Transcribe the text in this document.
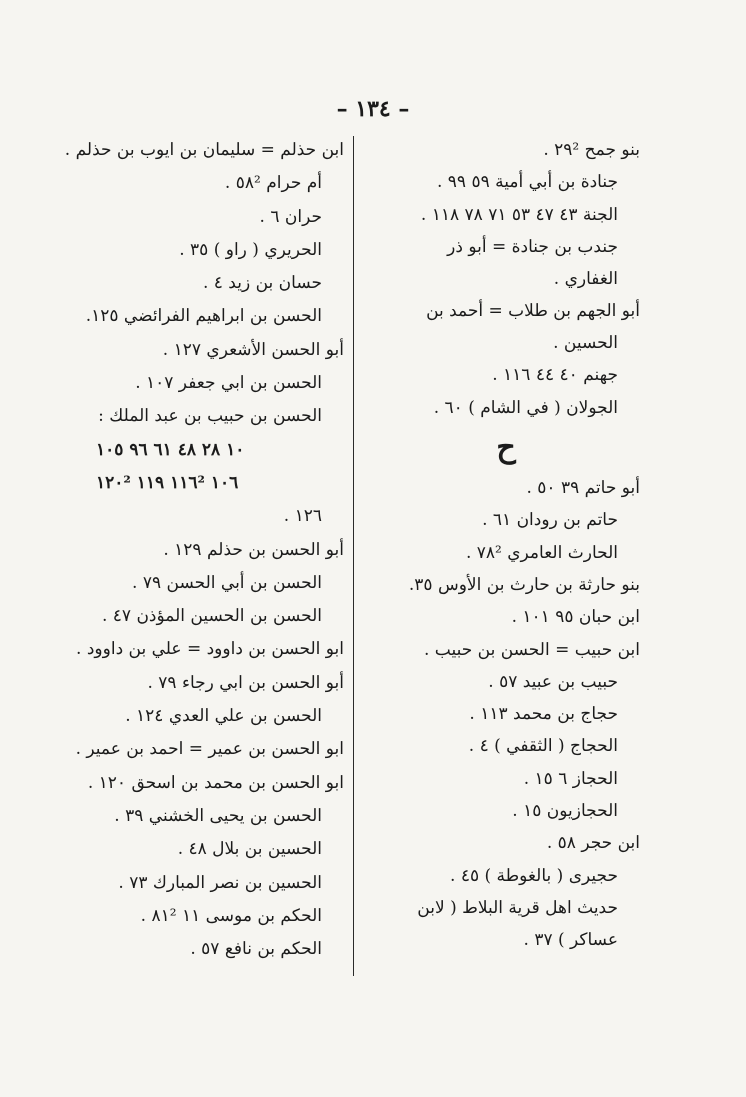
– ١٣٤ –
بنو جمح ٢٩² .
جنادة بن أبي أمية ٥٩ ٩٩ .
الجنة ٤٣ ٤٧ ٥٣ ٧١ ٧٨ ١١٨ .
جندب بن جنادة = أبو ذر
الغفاري .
أبو الجهم بن طلاب = أحمد بن
الحسين .
جهنم ٤٠ ٤٤ ١١٦ .
الجولان ( في الشام ) ٦٠ .
ح
أبو حاتم ٣٩ ٥٠ .
حاتم بن رودان ٦١ .
الحارث العامري ٧٨² .
بنو حارثة بن حارث بن الأوس ٣٥.
ابن حبان ٩٥ ١٠١ .
ابن حبيب = الحسن بن حبيب .
حبيب بن عبيد ٥٧ .
حجاج بن محمد ١١٣ .
الحجاج ( الثقفي ) ٤ .
الحجاز ٦ ١٥ .
الحجازيون ١٥ .
ابن حجر ٥٨ .
حجيرى ( بالغوطة ) ٤٥ .
حديث اهل قرية البلاط ( لابن
عساكر ) ٣٧ .
ابن حذلم = سليمان بن ايوب بن حذلم .
أم حرام ٥٨² .
حران ٦ .
الحريري ( راو ) ٣٥ .
حسان بن زيد ٤ .
الحسن بن ابراهيم الفرائضي ١٢٥.
أبو الحسن الأشعري ١٢٧ .
الحسن بن ابي جعفر ١٠٧ .
الحسن بن حبيب بن عبد الملك :
١٠ ٢٨ ٤٨ ٦١ ٩٦ ١٠٥
١٠٦ ١١٦² ١١٩ ١٢٠²
١٢٦ .
أبو الحسن بن حذلم ١٢٩ .
الحسن بن أبي الحسن ٧٩ .
الحسن بن الحسين المؤذن ٤٧ .
ابو الحسن بن داوود = علي بن داوود .
أبو الحسن بن ابي رجاء ٧٩ .
الحسن بن علي العدي ١٢٤ .
ابو الحسن بن عمير = احمد بن عمير .
ابو الحسن بن محمد بن اسحق ١٢٠ .
الحسن بن يحيى الخشني ٣٩ .
الحسين بن بلال ٤٨ .
الحسين بن نصر المبارك ٧٣ .
الحكم بن موسى ١١ ٨١² .
الحكم بن نافع ٥٧ .
